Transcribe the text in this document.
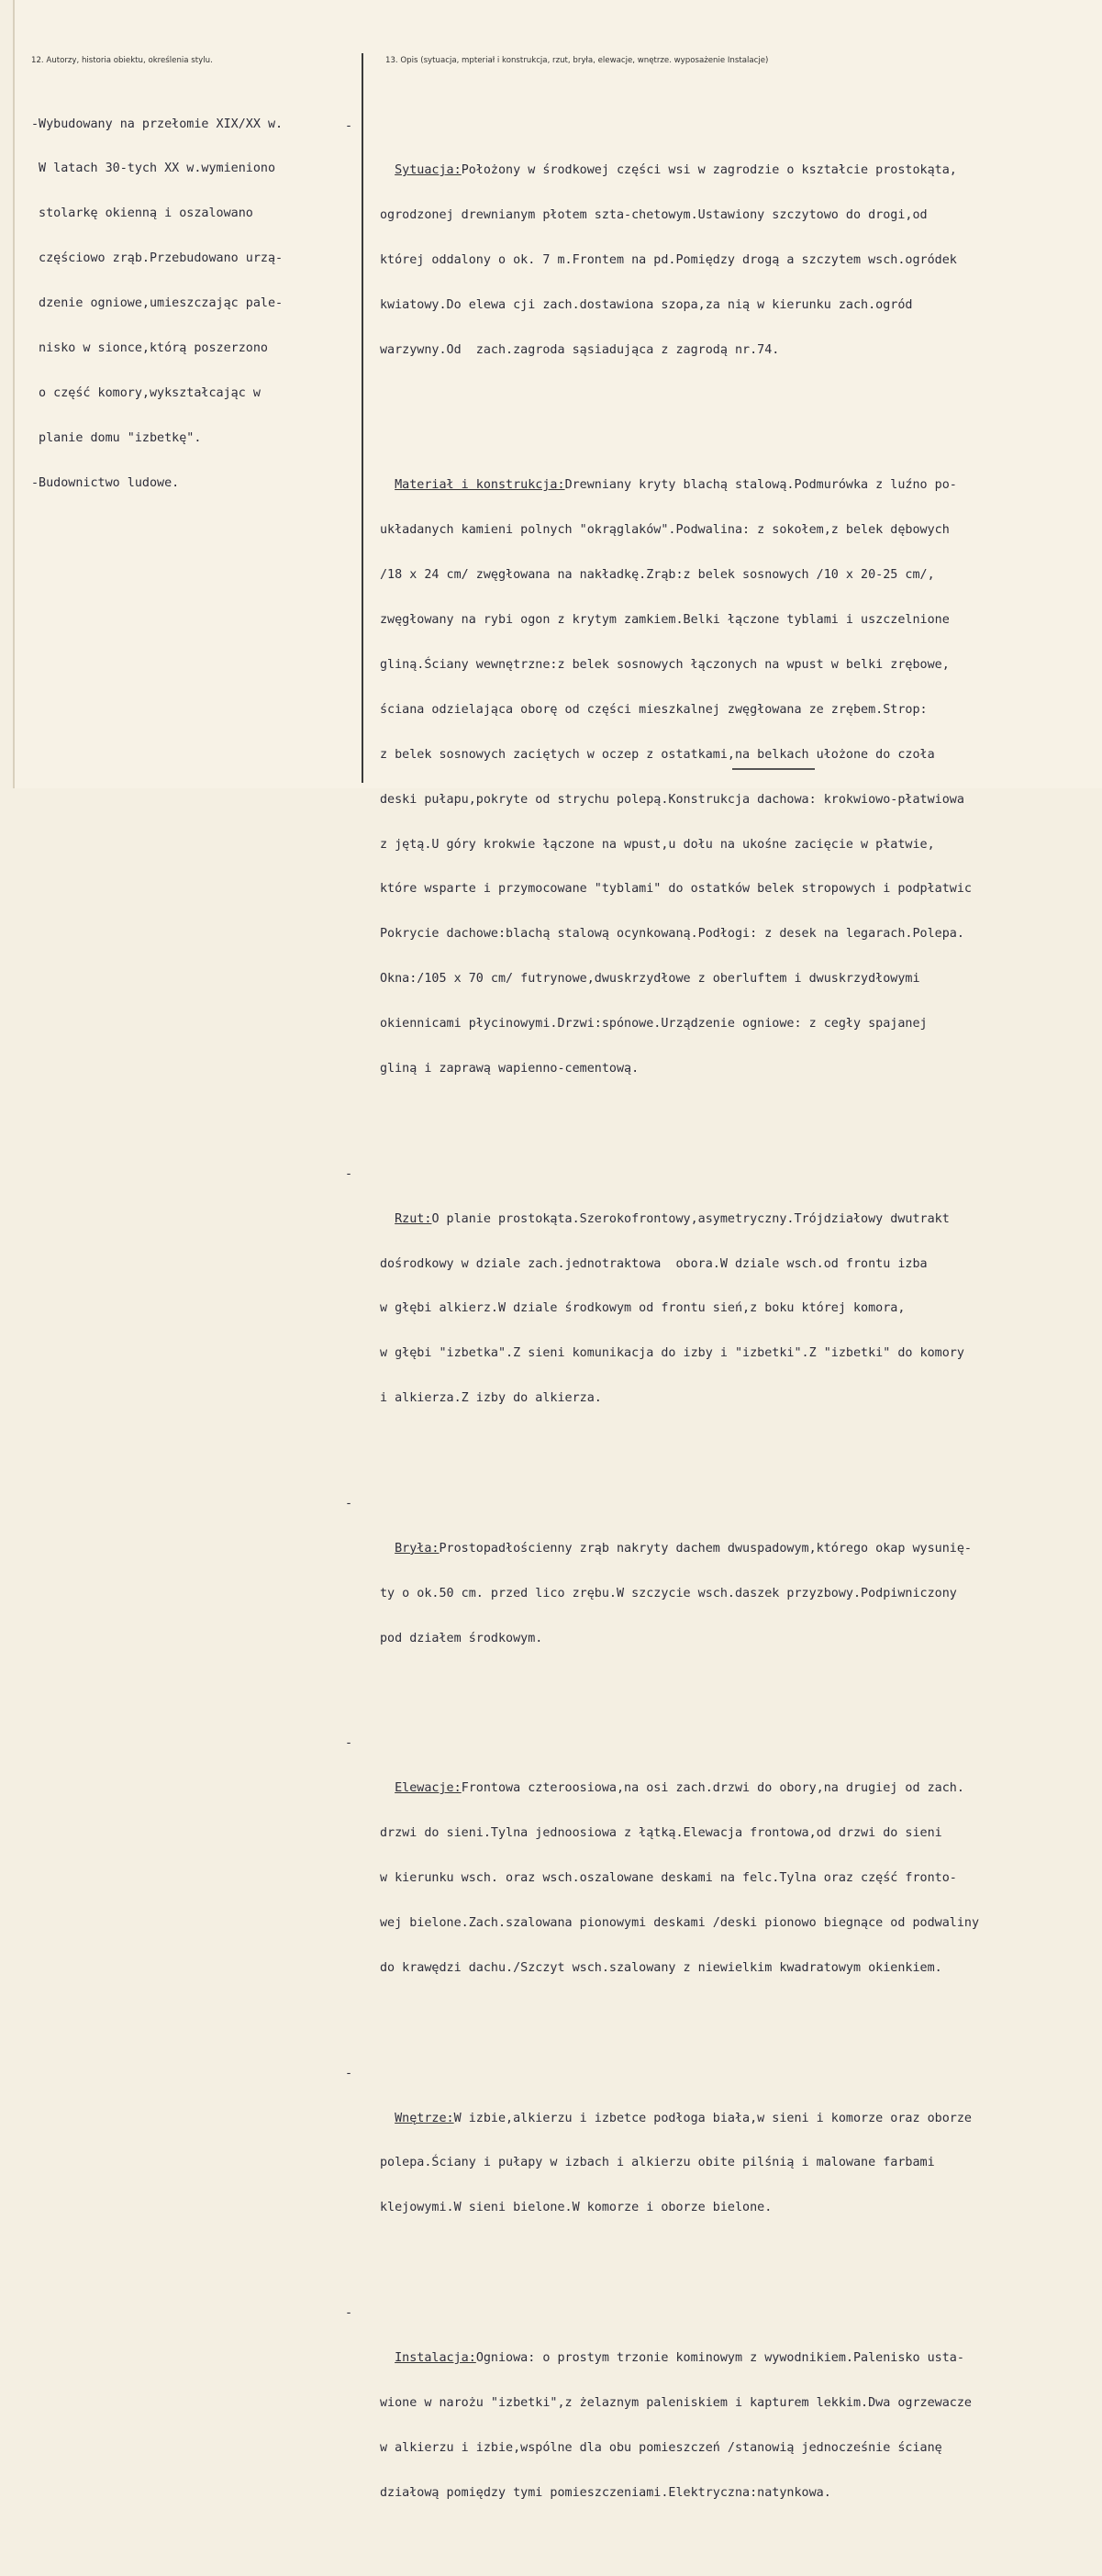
12. Autorzy, historia obiektu, określenia stylu.	13. Opis (sytuacja, mpteriał i konstrukcja, rzut, bryła, elewacje, wnętrze. wyposażenie Instalacje)

-Wybudowany na przełomie XIX/XX w.

W latach 30-tych XX w.wymieniono

stolarkę okienną i oszalowano

częściowo zrąb.Przebudowano urzą-

dzenie ogniowe,umieszczając pale-

nisko w sionce,którą poszerzono

o część komory,wykształcając w

planie domu "izbetkę".

-Budownictwo ludowe.

-

Sytuacja:Położony w środkowej części wsi w zagrodzie o kształcie prostokąta,

ogrodzonej drewnianym płotem szta-chetowym.Ustawiony szczytowo do drogi,od

której oddalony o ok. 7 m.Frontem na pd.Pomiędzy drogą a szczytem wsch.ogródek

kwiatowy.Do elewa cji zach.dostawiona szopa,za nią w kierunku zach.ogród

warzywny.Od  zach.zagroda sąsiadująca z zagrodą nr.74.

Materiał i konstrukcja:Drewniany kryty blachą stalową.Podmurówka z luźno po-

układanych kamieni polnych "okrąglaków".Podwalina: z sokołem,z belek dębowych

/18 x 24 cm/ zwęgłowana na nakładkę.Zrąb:z belek sosnowych /10 x 20-25 cm/,

zwęgłowany na rybi ogon z krytym zamkiem.Belki łączone tyblami i uszczelnione

gliną.Ściany wewnętrzne:z belek sosnowych łączonych na wpust w belki zrębowe,

ściana odzielająca oborę od części mieszkalnej zwęgłowana ze zrębem.Strop:

z belek sosnowych zaciętych w oczep z ostatkami,na belkach ułożone do czoła

deski pułapu,pokryte od strychu polepą.Konstrukcja dachowa: krokwiowo-płatwiowa

z jętą.U góry krokwie łączone na wpust,u dołu na ukośne zacięcie w płatwie,

które wsparte i przymocowane "tyblami" do ostatków belek stropowych i podpłatwic

Pokrycie dachowe:blachą stalową ocynkowaną.Podłogi: z desek na legarach.Polepa.

Okna:/105 x 70 cm/ futrynowe,dwuskrzydłowe z oberluftem i dwuskrzydłowymi

okiennicami płycinowymi.Drzwi:spónowe.Urządzenie ogniowe: z cegły spajanej

gliną i zaprawą wapienno-cementową.

-

Rzut:O planie prostokąta.Szerokofrontowy,asymetryczny.Trójdziałowy dwutrakt

dośrodkowy w dziale zach.jednotraktowa  obora.W dziale wsch.od frontu izba

w głębi alkierz.W dziale środkowym od frontu sień,z boku której komora,

w głębi "izbetka".Z sieni komunikacja do izby i "izbetki".Z "izbetki" do komory

i alkierza.Z izby do alkierza.

-

Bryła:Prostopadłościenny zrąb nakryty dachem dwuspadowym,którego okap wysunię-

ty o ok.50 cm. przed lico zrębu.W szczycie wsch.daszek przyzbowy.Podpiwniczony

pod działem środkowym.

-

Elewacje:Frontowa czteroosiowa,na osi zach.drzwi do obory,na drugiej od zach.

drzwi do sieni.Tylna jednoosiowa z łątką.Elewacja frontowa,od drzwi do sieni

w kierunku wsch. oraz wsch.oszalowane deskami na felc.Tylna oraz część fronto-

wej bielone.Zach.szalowana pionowymi deskami /deski pionowo biegnące od podwaliny

do krawędzi dachu./Szczyt wsch.szalowany z niewielkim kwadratowym okienkiem.

-

Wnętrze:W izbie,alkierzu i izbetce podłoga biała,w sieni i komorze oraz oborze

polepa.Ściany i pułapy w izbach i alkierzu obite pilśnią i malowane farbami

klejowymi.W sieni bielone.W komorze i oborze bielone.

-

Instalacja:Ogniowa: o prostym trzonie kominowym z wywodnikiem.Palenisko usta-

wione w narożu "izbetki",z żelaznym paleniskiem i kapturem lekkim.Dwa ogrzewacze

w alkierzu i izbie,wspólne dla obu pomieszczeń /stanowią jednocześnie ścianę

działową pomiędzy tymi pomieszczeniami.Elektryczna:natynkowa.
